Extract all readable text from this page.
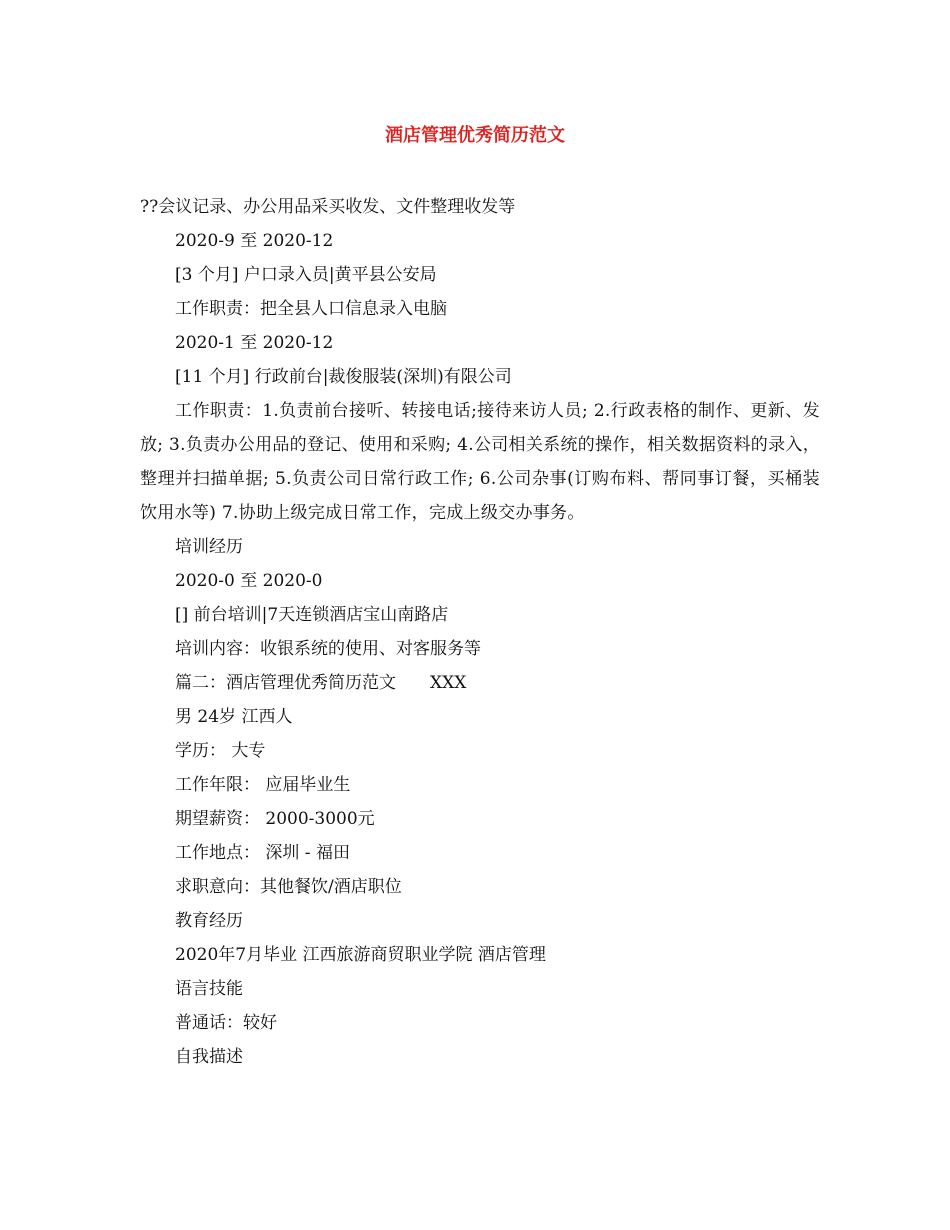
酒店管理优秀简历范文
??会议记录、办公用品采买收发、文件整理收发等
2020-9 至 2020-12
[3 个月] 户口录入员|黄平县公安局
工作职责：把全县人口信息录入电脑
2020-1 至 2020-12
[11 个月] 行政前台|裁俊服装(深圳)有限公司
工作职责：1.负责前台接听、转接电话;接待来访人员; 2.行政表格的制作、更新、发放; 3.负责办公用品的登记、使用和采购; 4.公司相关系统的操作，相关数据资料的录入，整理并扫描单据; 5.负责公司日常行政工作; 6.公司杂事(订购布料、帮同事订餐，买桶装饮用水等) 7.协助上级完成日常工作，完成上级交办事务。
培训经历
2020-0 至 2020-0
[] 前台培训|7天连锁酒店宝山南路店
培训内容：收银系统的使用、对客服务等
篇二：酒店管理优秀简历范文 XXX
男 24岁 江西人
学历： 大专
工作年限： 应届毕业生
期望薪资： 2000-3000元
工作地点： 深圳 - 福田
求职意向：其他餐饮/酒店职位
教育经历
2020年7月毕业 江西旅游商贸职业学院 酒店管理
语言技能
普通话：较好
自我描述
